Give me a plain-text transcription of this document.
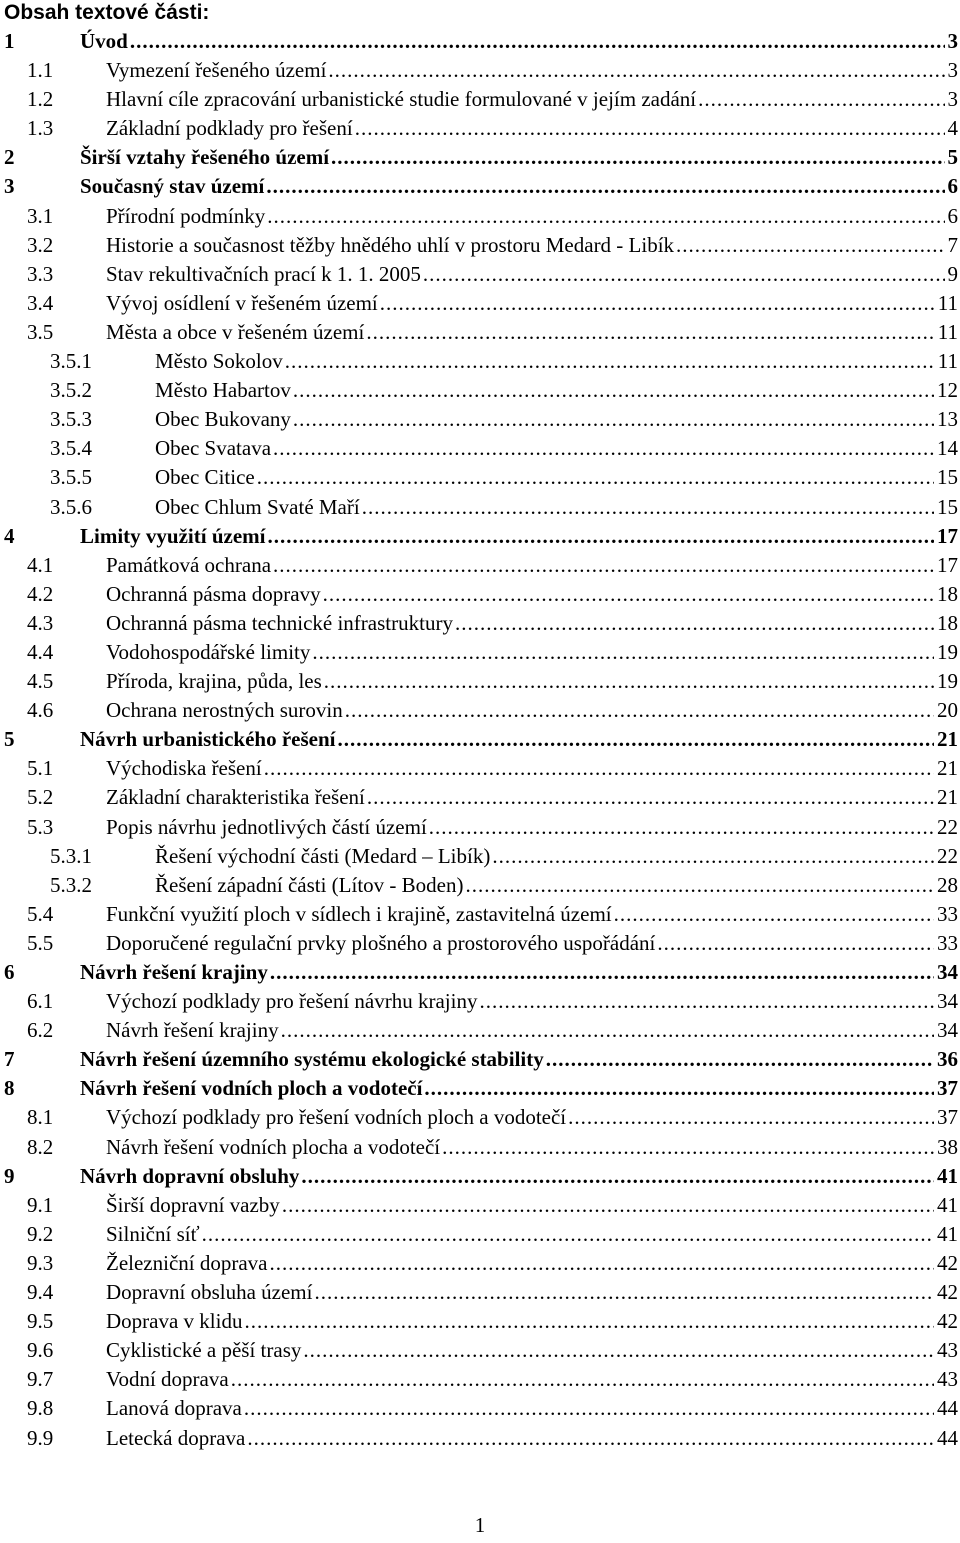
Obsah textové části:
1	Úvod .....	3
1.1	Vymezení řešeného území .....	3
1.2	Hlavní cíle zpracování urbanistické studie formulované v jejím zadání .....	3
1.3	Základní podklady pro řešení .....	4
2	Širší vztahy řešeného území .....	5
3	Současný stav území .....	6
3.1	Přírodní podmínky .....	6
3.2	Historie a současnost těžby hnědého uhlí v prostoru Medard - Libík .....	7
3.3	Stav rekultivačních prací k 1. 1. 2005 .....	9
3.4	Vývoj osídlení v řešeném území .....	11
3.5	Města a obce v řešeném území .....	11
3.5.1	Město Sokolov .....	11
3.5.2	Město Habartov .....	12
3.5.3	Obec Bukovany .....	13
3.5.4	Obec Svatava .....	14
3.5.5	Obec Citice .....	15
3.5.6	Obec Chlum Svaté Maří .....	15
4	Limity využití území .....	17
4.1	Památková ochrana .....	17
4.2	Ochranná pásma dopravy .....	18
4.3	Ochranná pásma technické infrastruktury .....	18
4.4	Vodohospodářské limity .....	19
4.5	Příroda, krajina, půda, les .....	19
4.6	Ochrana nerostných surovin .....	20
5	Návrh urbanistického řešení .....	21
5.1	Východiska řešení .....	21
5.2	Základní charakteristika řešení .....	21
5.3	Popis návrhu jednotlivých částí území .....	22
5.3.1	Řešení východní části (Medard – Libík) .....	22
5.3.2	Řešení západní části (Lítov - Boden) .....	28
5.4	Funkční využití ploch v sídlech i krajině, zastavitelná území .....	33
5.5	Doporučené regulační prvky plošného a prostorového uspořádání .....	33
6	Návrh řešení krajiny .....	34
6.1	Výchozí podklady pro řešení návrhu krajiny .....	34
6.2	Návrh řešení krajiny .....	34
7	Návrh řešení územního systému ekologické stability .....	36
8	Návrh řešení vodních ploch a vodotečí .....	37
8.1	Výchozí podklady pro řešení vodních ploch a vodotečí .....	37
8.2	Návrh řešení vodních plocha a vodotečí .....	38
9	Návrh dopravní obsluhy .....	41
9.1	Širší dopravní vazby .....	41
9.2	Silniční síť .....	41
9.3	Železniční doprava .....	42
9.4	Dopravní obsluha území .....	42
9.5	Doprava v klidu .....	42
9.6	Cyklistické a pěší trasy .....	43
9.7	Vodní doprava .....	43
9.8	Lanová doprava .....	44
9.9	Letecká doprava .....	44
1
